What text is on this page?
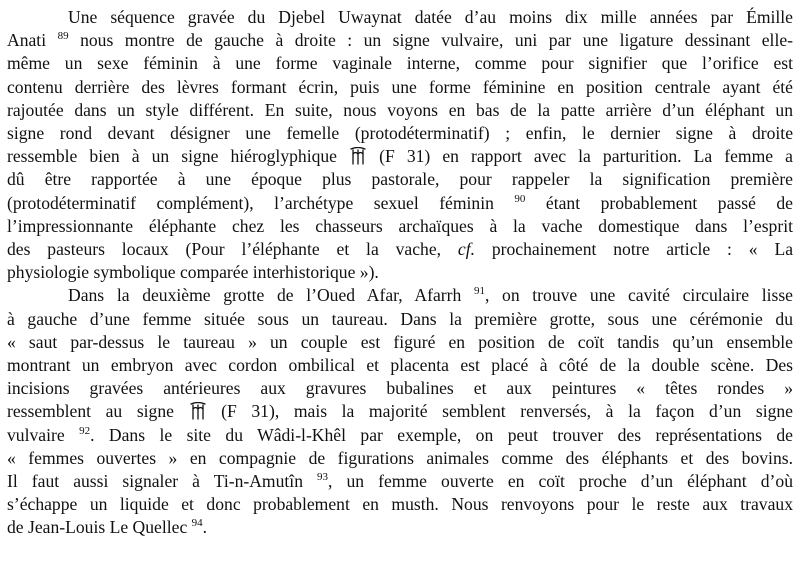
Une séquence gravée du Djebel Uwaynat datée d’au moins dix mille années par Émille
Anati $^{89}$ nous montre de gauche à droite : un signe vulvaire, uni par une ligature dessinant elle-
même un sexe féminin à une forme vaginale interne, comme pour signifier que l’orifice est
contenu derrière des lèvres formant écrin, puis une forme féminine en position centrale ayant été
rajoutée dans un style différent. En suite, nous voyons en bas de la patte arrière d’un éléphant un
signe rond devant désigner une femelle (protodéterminatif) ; enfin, le dernier signe à droite
ressemble bien à un signe hiéroglyphique (F 31) en rapport avec la parturition. La femme a
dû être rapportée à une époque plus pastorale, pour rappeler la signification première
(protodéterminatif complément), l’archétype sexuel féminin $^{90}$ étant probablement passé de
l’impressionnante éléphante chez les chasseurs archaïques à la vache domestique dans l’esprit
des pasteurs locaux (Pour l’éléphante et la vache, cf. prochainement notre article : « La
physiologie symbolique comparée interhistorique »).
Dans la deuxième grotte de l’Oued Afar, Afarrh $^{91}$, on trouve une cavité circulaire lisse
à gauche d’une femme située sous un taureau. Dans la première grotte, sous une cérémonie du
« saut par-dessus le taureau » un couple est figuré en position de coït tandis qu’un ensemble
montrant un embryon avec cordon ombilical et placenta est placé à côté de la double scène. Des
incisions gravées antérieures aux gravures bubalines et aux peintures « têtes rondes »
ressemblent au signe	(F 31), mais la majorité semblent renversés, à la façon d’un signe
vulvaire $^{92}$. Dans le site du Wâdi-l-Khêl par exemple, on peut trouver des représentations de
« femmes ouvertes » en compagnie de figurations animales comme des éléphants et des bovins.
Il faut aussi signaler à Ti-n-Amutîn $^{93}$, un femme ouverte en coït proche d’un éléphant d’où
s’échappe un liquide et donc probablement en musth. Nous renvoyons pour le reste aux travaux
de Jean-Louis Le Quellec $^{94}$.
